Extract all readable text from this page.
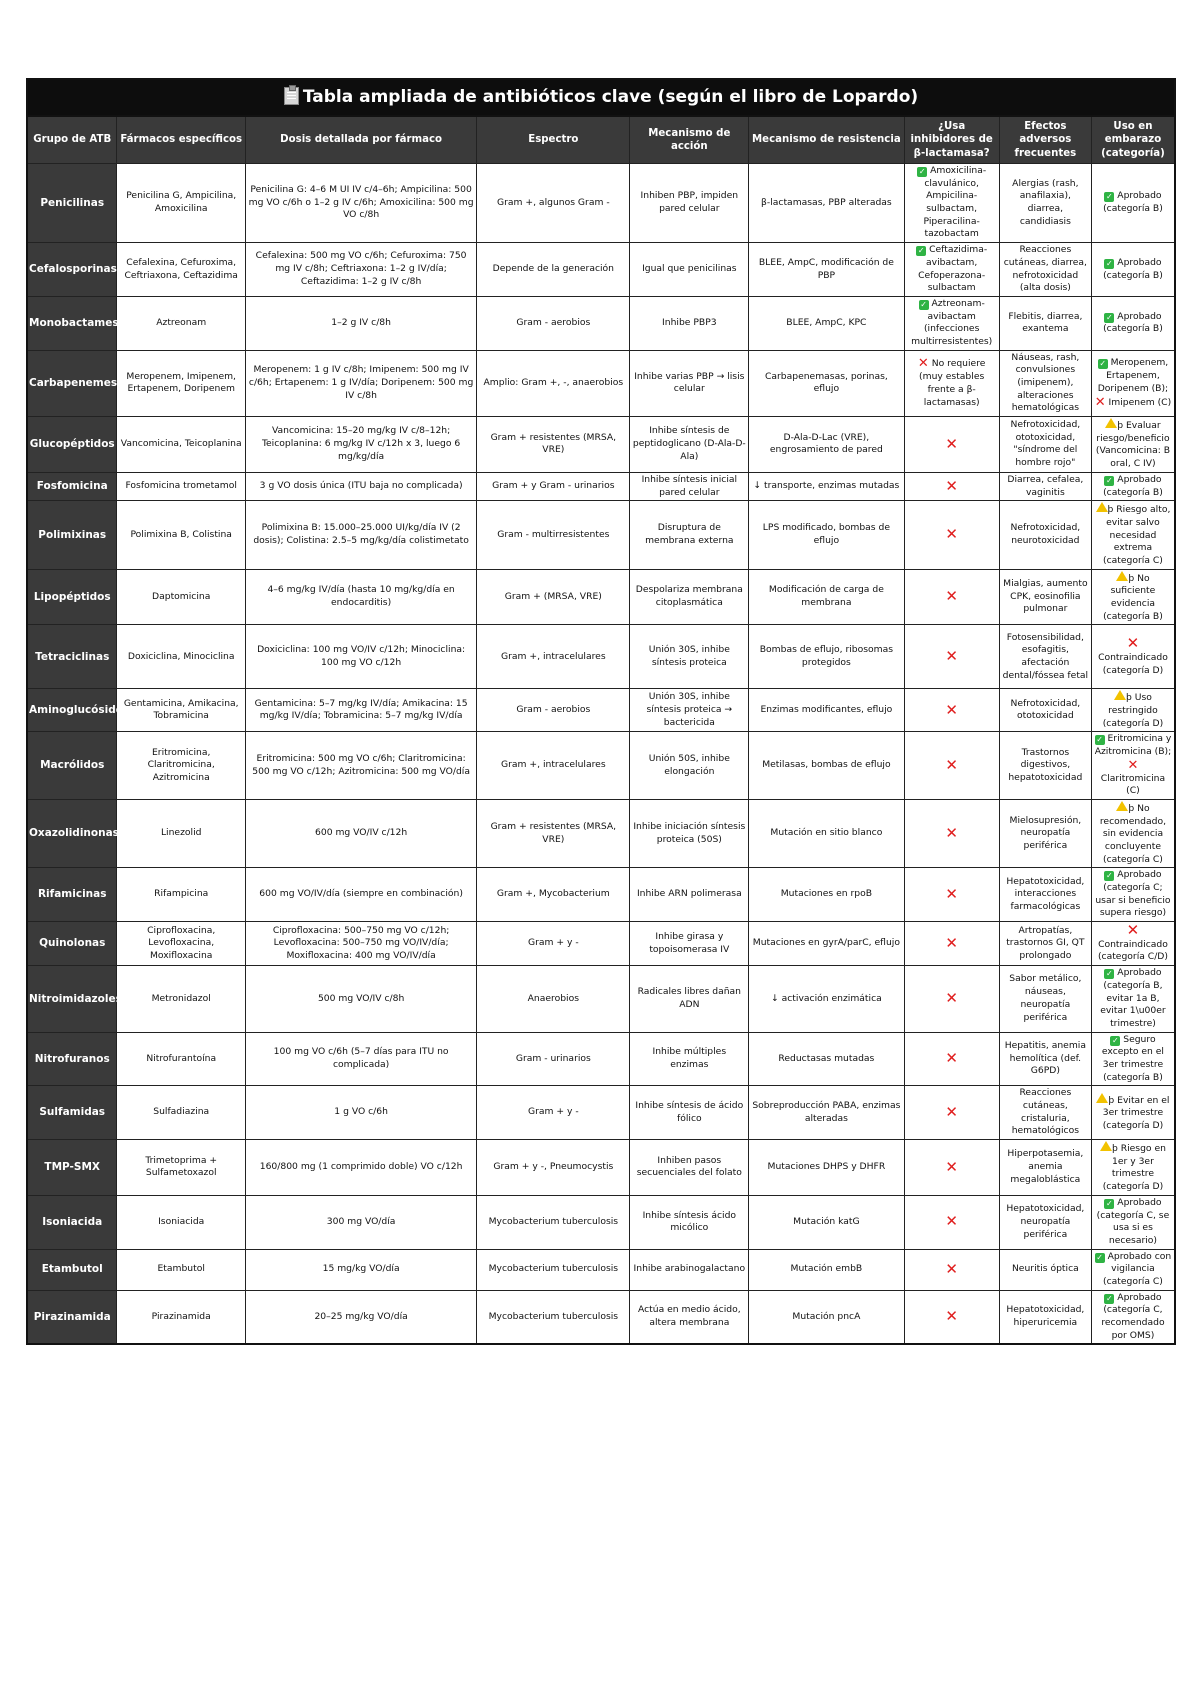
Tabla ampliada de antibióticos clave (según el libro de Lopardo)
Grupo de ATB	Fármacos específicos	Dosis detallada por fármaco	Espectro	Mecanismo de acción	Mecanismo de resistencia	¿Usa inhibidores de β-lactamasa?	Efectos adversos frecuentes	Uso en embarazo (categoría)
Penicilinas	Penicilina G, Ampicilina, Amoxicilina	Penicilina G: 4–6 M UI IV c/4–6h; Ampicilina: 500 mg VO c/6h o 1–2 g IV c/6h; Amoxicilina: 500 mg VO c/8h	Gram +, algunos Gram -	Inhiben PBP, impiden pared celular	β-lactamasas, PBP alteradas	✓ Amoxicilina-clavulánico, Ampicilina-sulbactam, Piperacilina-tazobactam	Alergias (rash, anafilaxia), diarrea, candidiasis	✓ Aprobado (categoría B)
Cefalosporinas	Cefalexina, Cefuroxima, Ceftriaxona, Ceftazidima	Cefalexina: 500 mg VO c/6h; Cefuroxima: 750 mg IV c/8h; Ceftriaxona: 1–2 g IV/día; Ceftazidima: 1–2 g IV c/8h	Depende de la generación	Igual que penicilinas	BLEE, AmpC, modificación de PBP	✓ Ceftazidima-avibactam, Cefoperazona-sulbactam	Reacciones cutáneas, diarrea, nefrotoxicidad (alta dosis)	✓ Aprobado (categoría B)
Monobactames	Aztreonam	1–2 g IV c/8h	Gram - aerobios	Inhibe PBP3	BLEE, AmpC, KPC	✓ Aztreonam-avibactam (infecciones multirresistentes)	Flebitis, diarrea, exantema	✓ Aprobado (categoría B)
Carbapenemes	Meropenem, Imipenem, Ertapenem, Doripenem	Meropenem: 1 g IV c/8h; Imipenem: 500 mg IV c/6h; Ertapenem: 1 g IV/día; Doripenem: 500 mg IV c/8h	Amplio: Gram +, -, anaerobios	Inhibe varias PBP → lisis celular	Carbapenemasas, porinas, eflujo	✕ No requiere (muy estables frente a β-lactamasas)	Náuseas, rash, convulsiones (imipenem), alteraciones hematológicas	✓ Meropenem, Ertapenem, Doripenem (B);
✕ Imipenem (C)
Glucopéptidos	Vancomicina, Teicoplanina	Vancomicina: 15–20 mg/kg IV c/8–12h; Teicoplanina: 6 mg/kg IV c/12h x 3, luego 6 mg/kg/día	Gram + resistentes (MRSA, VRE)	Inhibe síntesis de peptidoglicano (D-Ala-D-Ala)	D-Ala-D-Lac (VRE), engrosamiento de pared	✕	Nefrotoxicidad, ototoxicidad, "síndrome del hombre rojo"	þ Evaluar riesgo/beneficio (Vancomicina: B oral, C IV)
Fosfomicina	Fosfomicina trometamol	3 g VO dosis única (ITU baja no complicada)	Gram + y Gram - urinarios	Inhibe síntesis inicial pared celular	↓ transporte, enzimas mutadas	✕	Diarrea, cefalea, vaginitis	✓ Aprobado (categoría B)
Polimixinas	Polimixina B, Colistina	Polimixina B: 15.000–25.000 UI/kg/día IV (2 dosis); Colistina: 2.5–5 mg/kg/día colistimetato	Gram - multirresistentes	Disruptura de membrana externa	LPS modificado, bombas de eflujo	✕	Nefrotoxicidad, neurotoxicidad	þ Riesgo alto, evitar salvo necesidad extrema (categoría C)
Lipopéptidos	Daptomicina	4–6 mg/kg IV/día (hasta 10 mg/kg/día en endocarditis)	Gram + (MRSA, VRE)	Despolariza membrana citoplasmática	Modificación de carga de membrana	✕	Mialgias, aumento CPK, eosinofilia pulmonar	þ No suficiente evidencia (categoría B)
Tetraciclinas	Doxiciclina, Minociclina	Doxiciclina: 100 mg VO/IV c/12h; Minociclina: 100 mg VO c/12h	Gram +, intracelulares	Unión 30S, inhibe síntesis proteica	Bombas de eflujo, ribosomas protegidos	✕	Fotosensibilidad, esofagitis, afectación dental/fóssea fetal	✕
Contraindicado (categoría D)
Aminoglucósidos	Gentamicina, Amikacina, Tobramicina	Gentamicina: 5–7 mg/kg IV/día; Amikacina: 15 mg/kg IV/día; Tobramicina: 5–7 mg/kg IV/día	Gram - aerobios	Unión 30S, inhibe síntesis proteica → bactericida	Enzimas modificantes, eflujo	✕	Nefrotoxicidad, ototoxicidad	þ Uso restringido (categoría D)
Macrólidos	Eritromicina, Claritromicina, Azitromicina	Eritromicina: 500 mg VO c/6h; Claritromicina: 500 mg VO c/12h; Azitromicina: 500 mg VO/día	Gram +, intracelulares	Unión 50S, inhibe elongación	Metilasas, bombas de eflujo	✕	Trastornos digestivos, hepatotoxicidad	✓ Eritromicina y Azitromicina (B);
✕ Claritromicina (C)
Oxazolidinonas	Linezolid	600 mg VO/IV c/12h	Gram + resistentes (MRSA, VRE)	Inhibe iniciación síntesis proteica (50S)	Mutación en sitio blanco	✕	Mielosupresión, neuropatía periférica	þ No recomendado, sin evidencia concluyente (categoría C)
Rifamicinas	Rifampicina	600 mg VO/IV/día (siempre en combinación)	Gram +, Mycobacterium	Inhibe ARN polimerasa	Mutaciones en rpoB	✕	Hepatotoxicidad, interacciones farmacológicas	✓ Aprobado (categoría C; usar si beneficio supera riesgo)
Quinolonas	Ciprofloxacina, Levofloxacina, Moxifloxacina	Ciprofloxacina: 500–750 mg VO c/12h; Levofloxacina: 500–750 mg VO/IV/día; Moxifloxacina: 400 mg VO/IV/día	Gram + y -	Inhibe girasa y topoisomerasa IV	Mutaciones en gyrA/parC, eflujo	✕	Artropatías, trastornos GI, QT prolongado	✕
Contraindicado (categoría C/D)
Nitroimidazoles	Metronidazol	500 mg VO/IV c/8h	Anaerobios	Radicales libres dañan ADN	↓ activación enzimática	✕	Sabor metálico, náuseas, neuropatía periférica	✓ Aprobado (categoría B, evitar 1a B, evitar 1\u00er trimestre)
Nitrofuranos	Nitrofurantoína	100 mg VO c/6h (5–7 días para ITU no complicada)	Gram - urinarios	Inhibe múltiples enzimas	Reductasas mutadas	✕	Hepatitis, anemia hemolítica (def. G6PD)	✓ Seguro excepto en el 3er trimestre (categoría B)
Sulfamidas	Sulfadiazina	1 g VO c/6h	Gram + y -	Inhibe síntesis de ácido fólico	Sobreproducción PABA, enzimas alteradas	✕	Reacciones cutáneas, cristaluria, hematológicos	þ Evitar en el 3er trimestre (categoría D)
TMP-SMX	Trimetoprima + Sulfametoxazol	160/800 mg (1 comprimido doble) VO c/12h	Gram + y -, Pneumocystis	Inhiben pasos secuenciales del folato	Mutaciones DHPS y DHFR	✕	Hiperpotasemia, anemia megaloblástica	þ Riesgo en 1er y 3er trimestre (categoría D)
Isoniacida	Isoniacida	300 mg VO/día	Mycobacterium tuberculosis	Inhibe síntesis ácido micólico	Mutación katG	✕	Hepatotoxicidad, neuropatía periférica	✓ Aprobado (categoría C, se usa si es necesario)
Etambutol	Etambutol	15 mg/kg VO/día	Mycobacterium tuberculosis	Inhibe arabinogalactano	Mutación embB	✕	Neuritis óptica	✓ Aprobado con vigilancia (categoría C)
Pirazinamida	Pirazinamida	20–25 mg/kg VO/día	Mycobacterium tuberculosis	Actúa en medio ácido, altera membrana	Mutación pncA	✕	Hepatotoxicidad, hiperuricemia	✓ Aprobado (categoría C, recomendado por OMS)
